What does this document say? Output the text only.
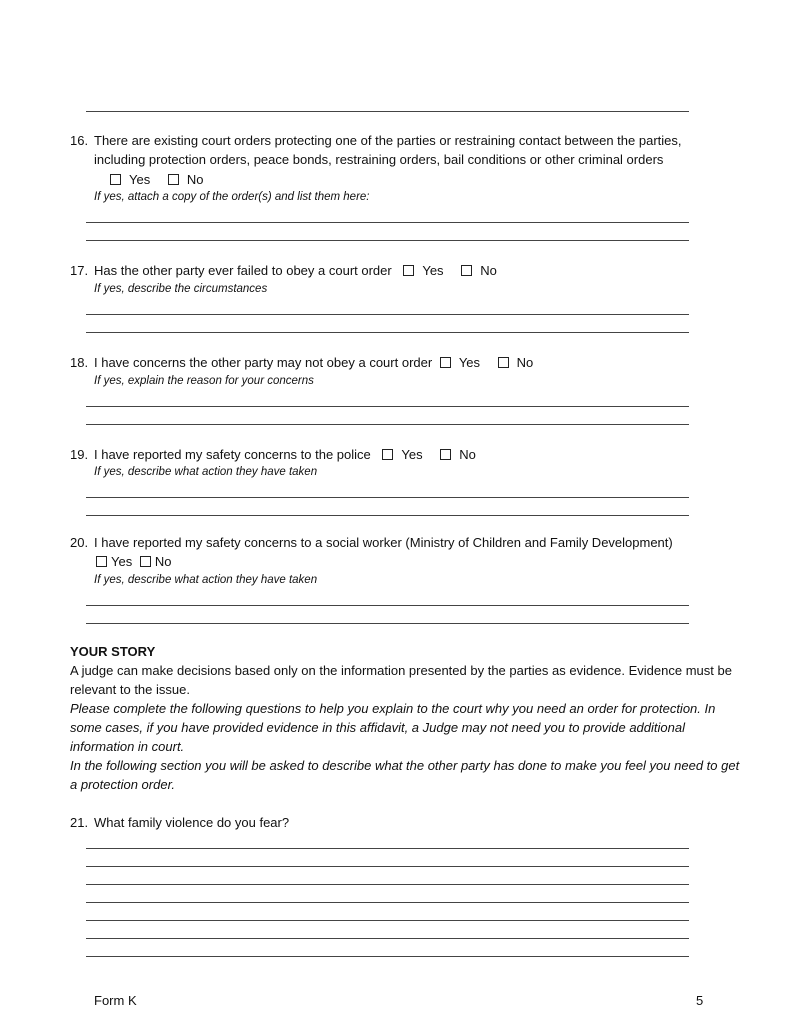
16. There are existing court orders protecting one of the parties or restraining contact between the parties,
including protection orders, peace bonds, restraining orders, bail conditions or other criminal orders
Yes	No
If yes, attach a copy of the order(s) and list them here:
17. Has the other party ever failed to obey a court order Yes	No
If yes, describe the circumstances
18. I have concerns the other party may not obey a court order Yes	No
If yes, explain the reason for your concerns
19. I have reported my safety concerns to the police Yes	No
If yes, describe what action they have taken
20. I have reported my safety concerns to a social worker (Ministry of Children and Family Development)
Yes No
If yes, describe what action they have taken
YOUR STORY
A judge can make decisions based only on the information presented by the parties as evidence. Evidence must be relevant to the issue.
Please complete the following questions to help you explain to the court why you need an order for protection. In some cases, if you have provided evidence in this affidavit, a Judge may not need you to provide additional information in court.
In the following section you will be asked to describe what the other party has done to make you feel you need to get a protection order.
21. What family violence do you fear?
Form K	5
